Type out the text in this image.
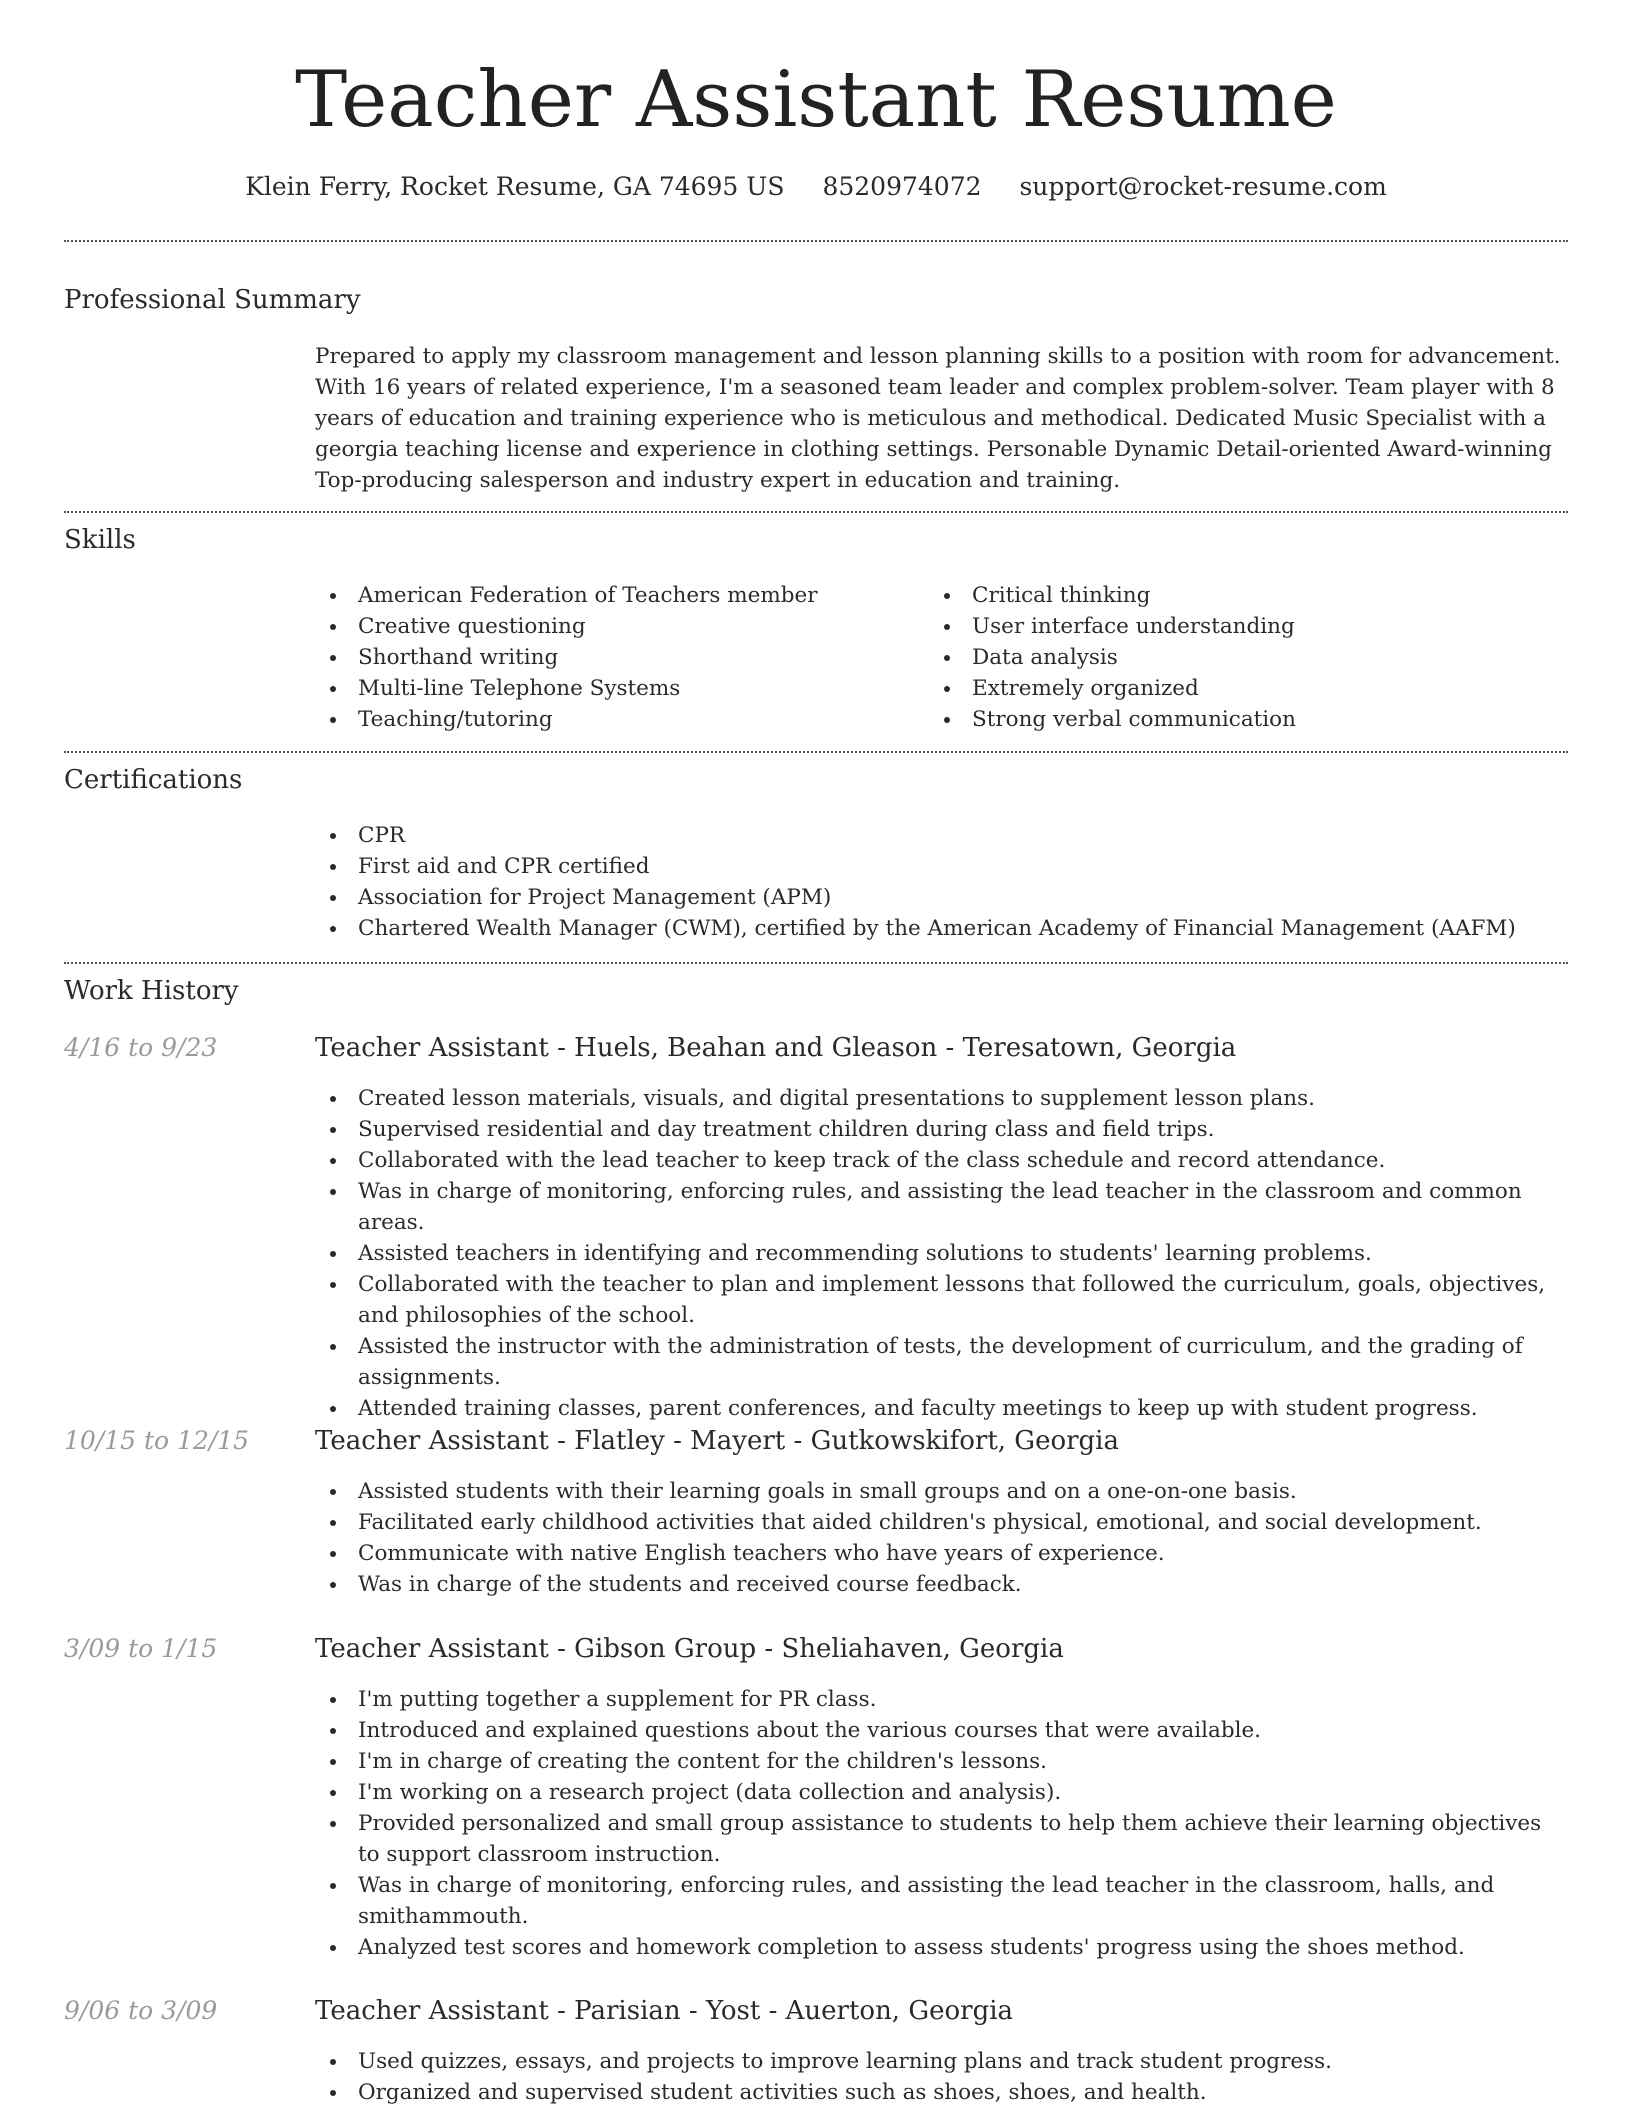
Teacher Assistant Resume
Klein Ferry, Rocket Resume, GA 74695 US 8520974072 support@rocket-resume.com
Professional Summary

Prepared to apply my classroom management and lesson planning skills to a position with room for advancement. With 16 years of related experience, I'm a seasoned team leader and complex problem-solver. Team player with 8 years of education and training experience who is meticulous and methodical. Dedicated Music Specialist with a georgia teaching license and experience in clothing settings. Personable Dynamic Detail-oriented Award-winning Top-producing salesperson and industry expert in education and training.

Skills
American Federation of Teachers member
Creative questioning
Shorthand writing
Multi-line Telephone Systems
Teaching/tutoring
Critical thinking
User interface understanding
Data analysis
Extremely organized
Strong verbal communication
Certifications
CPR
First aid and CPR certified
Association for Project Management (APM)
Chartered Wealth Manager (CWM), certified by the American Academy of Financial Management (AAFM)
Work History
4/16 to 9/23	Teacher Assistant - Huels, Beahan and Gleason - Teresatown, Georgia
Created lesson materials, visuals, and digital presentations to supplement lesson plans.
Supervised residential and day treatment children during class and field trips.
Collaborated with the lead teacher to keep track of the class schedule and record attendance.
Was in charge of monitoring, enforcing rules, and assisting the lead teacher in the classroom and common areas.
Assisted teachers in identifying and recommending solutions to students' learning problems.
Collaborated with the teacher to plan and implement lessons that followed the curriculum, goals, objectives, and philosophies of the school.
Assisted the instructor with the administration of tests, the development of curriculum, and the grading of assignments.
Attended training classes, parent conferences, and faculty meetings to keep up with student progress.
10/15 to 12/15	Teacher Assistant - Flatley - Mayert - Gutkowskifort, Georgia
Assisted students with their learning goals in small groups and on a one-on-one basis.
Facilitated early childhood activities that aided children's physical, emotional, and social development.
Communicate with native English teachers who have years of experience.
Was in charge of the students and received course feedback.
3/09 to 1/15	Teacher Assistant - Gibson Group - Sheliahaven, Georgia
I'm putting together a supplement for PR class.
Introduced and explained questions about the various courses that were available.
I'm in charge of creating the content for the children's lessons.
I'm working on a research project (data collection and analysis).
Provided personalized and small group assistance to students to help them achieve their learning objectives to support classroom instruction.
Was in charge of monitoring, enforcing rules, and assisting the lead teacher in the classroom, halls, and smithammouth.
Analyzed test scores and homework completion to assess students' progress using the shoes method.
9/06 to 3/09	Teacher Assistant - Parisian - Yost - Auerton, Georgia
Used quizzes, essays, and projects to improve learning plans and track student progress.
Organized and supervised student activities such as shoes, shoes, and health.
